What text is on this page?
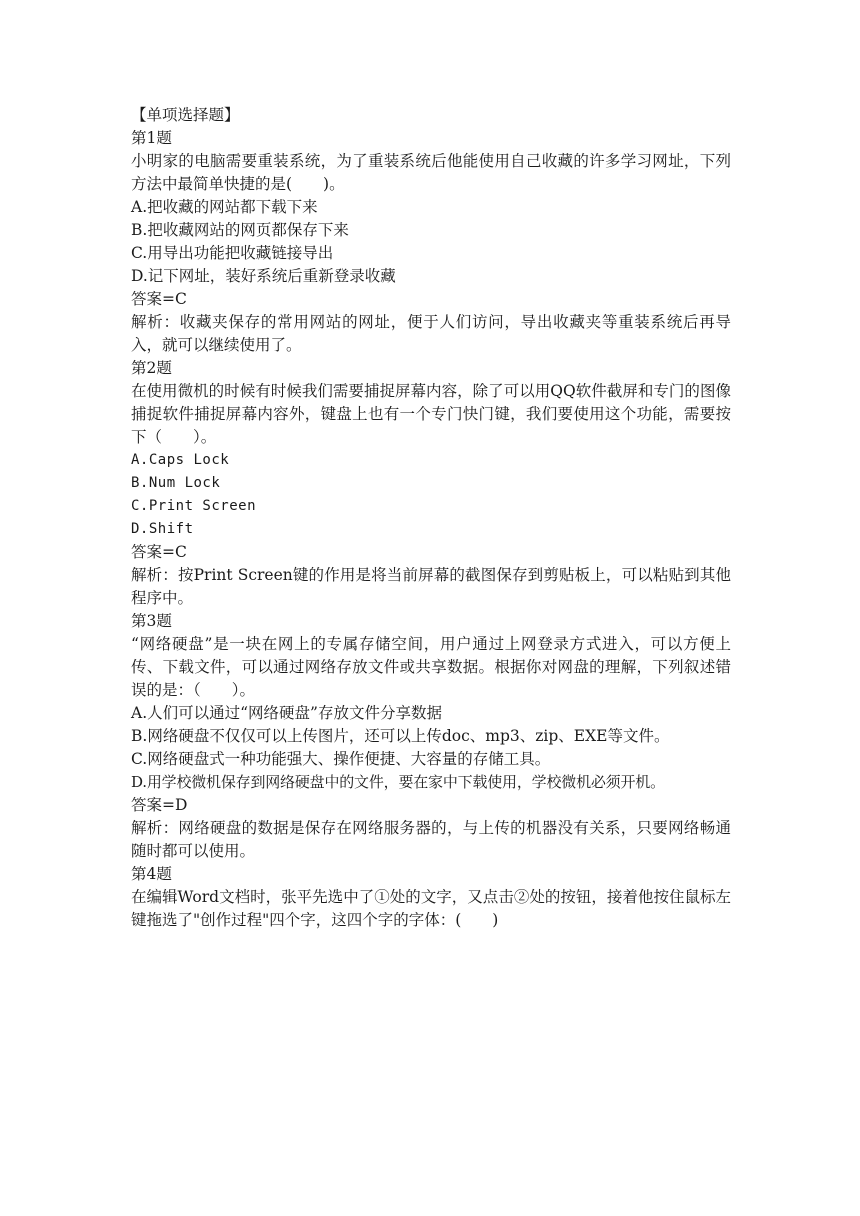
【单项选择题】
第1题
小明家的电脑需要重装系统，为了重装系统后他能使用自己收藏的许多学习网址，下列方法中最简单快捷的是(　　)。
A.把收藏的网站都下载下来
B.把收藏网站的网页都保存下来
C.用导出功能把收藏链接导出
D.记下网址，装好系统后重新登录收藏
答案=C
解析：收藏夹保存的常用网站的网址，便于人们访问，导出收藏夹等重装系统后再导入，就可以继续使用了。
第2题
在使用微机的时候有时候我们需要捕捉屏幕内容，除了可以用QQ软件截屏和专门的图像捕捉软件捕捉屏幕内容外，键盘上也有一个专门快门键，我们要使用这个功能，需要按下（　　）。
A.Caps Lock
B.Num Lock
C.Print Screen
D.Shift
答案=C
解析：按Print Screen键的作用是将当前屏幕的截图保存到剪贴板上，可以粘贴到其他程序中。
第3题
“网络硬盘”是一块在网上的专属存储空间，用户通过上网登录方式进入，可以方便上传、下载文件，可以通过网络存放文件或共享数据。根据你对网盘的理解，下列叙述错误的是：（　　）。
A.人们可以通过“网络硬盘”存放文件分享数据
B.网络硬盘不仅仅可以上传图片，还可以上传doc、mp3、zip、EXE等文件。
C.网络硬盘式一种功能强大、操作便捷、大容量的存储工具。
D.用学校微机保存到网络硬盘中的文件，要在家中下载使用，学校微机必须开机。
答案=D
解析：网络硬盘的数据是保存在网络服务器的，与上传的机器没有关系，只要网络畅通随时都可以使用。
第4题
在编辑Word文档时，张平先选中了①处的文字，又点击②处的按钮，接着他按住鼠标左键拖选了"创作过程"四个字，这四个字的字体：(　　)
